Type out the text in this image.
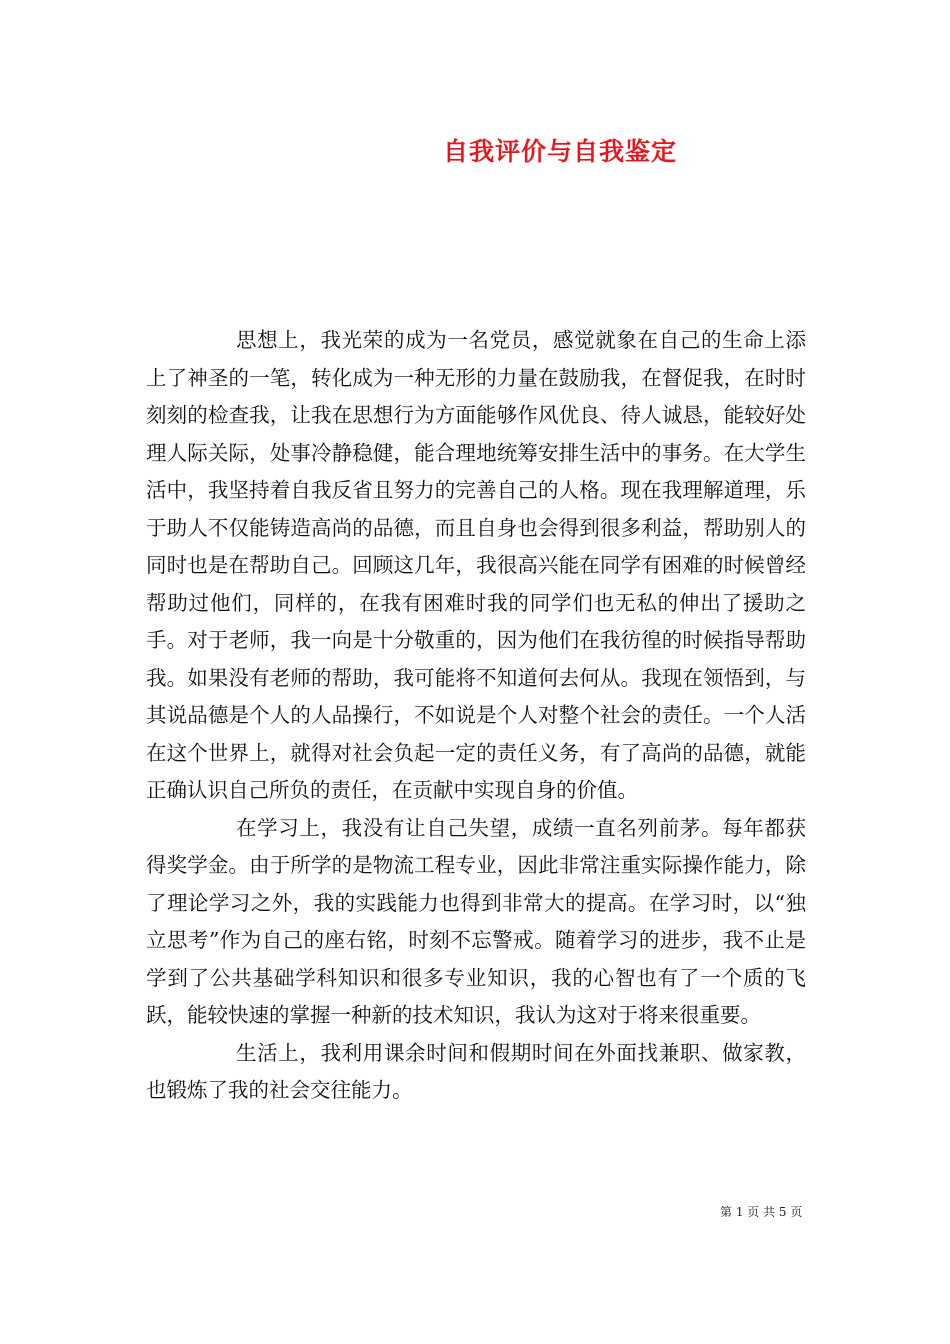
自我评价与自我鉴定

思想上，我光荣的成为一名党员，感觉就象在自己的生命上添上了神圣的一笔，转化成为一种无形的力量在鼓励我，在督促我，在时时刻刻的检查我，让我在思想行为方面能够作风优良、待人诚恳，能较好处理人际关际，处事冷静稳健，能合理地统筹安排生活中的事务。在大学生活中，我坚持着自我反省且努力的完善自己的人格。现在我理解道理，乐于助人不仅能铸造高尚的品德，而且自身也会得到很多利益，帮助别人的同时也是在帮助自己。回顾这几年，我很高兴能在同学有困难的时候曾经帮助过他们，同样的，在我有困难时我的同学们也无私的伸出了援助之手。对于老师，我一向是十分敬重的，因为他们在我彷徨的时候指导帮助我。如果没有老师的帮助，我可能将不知道何去何从。我现在领悟到，与其说品德是个人的人品操行，不如说是个人对整个社会的责任。一个人活在这个世界上，就得对社会负起一定的责任义务，有了高尚的品德，就能正确认识自己所负的责任，在贡献中实现自身的价值。

在学习上，我没有让自己失望，成绩一直名列前茅。每年都获得奖学金。由于所学的是物流工程专业，因此非常注重实际操作能力，除了理论学习之外，我的实践能力也得到非常大的提高。在学习时，以“独立思考”作为自己的座右铭，时刻不忘警戒。随着学习的进步，我不止是学到了公共基础学科知识和很多专业知识，我的心智也有了一个质的飞跃，能较快速的掌握一种新的技术知识，我认为这对于将来很重要。

生活上，我利用课余时间和假期时间在外面找兼职、做家教，也锻炼了我的社会交往能力。

第 1 页 共 5 页
